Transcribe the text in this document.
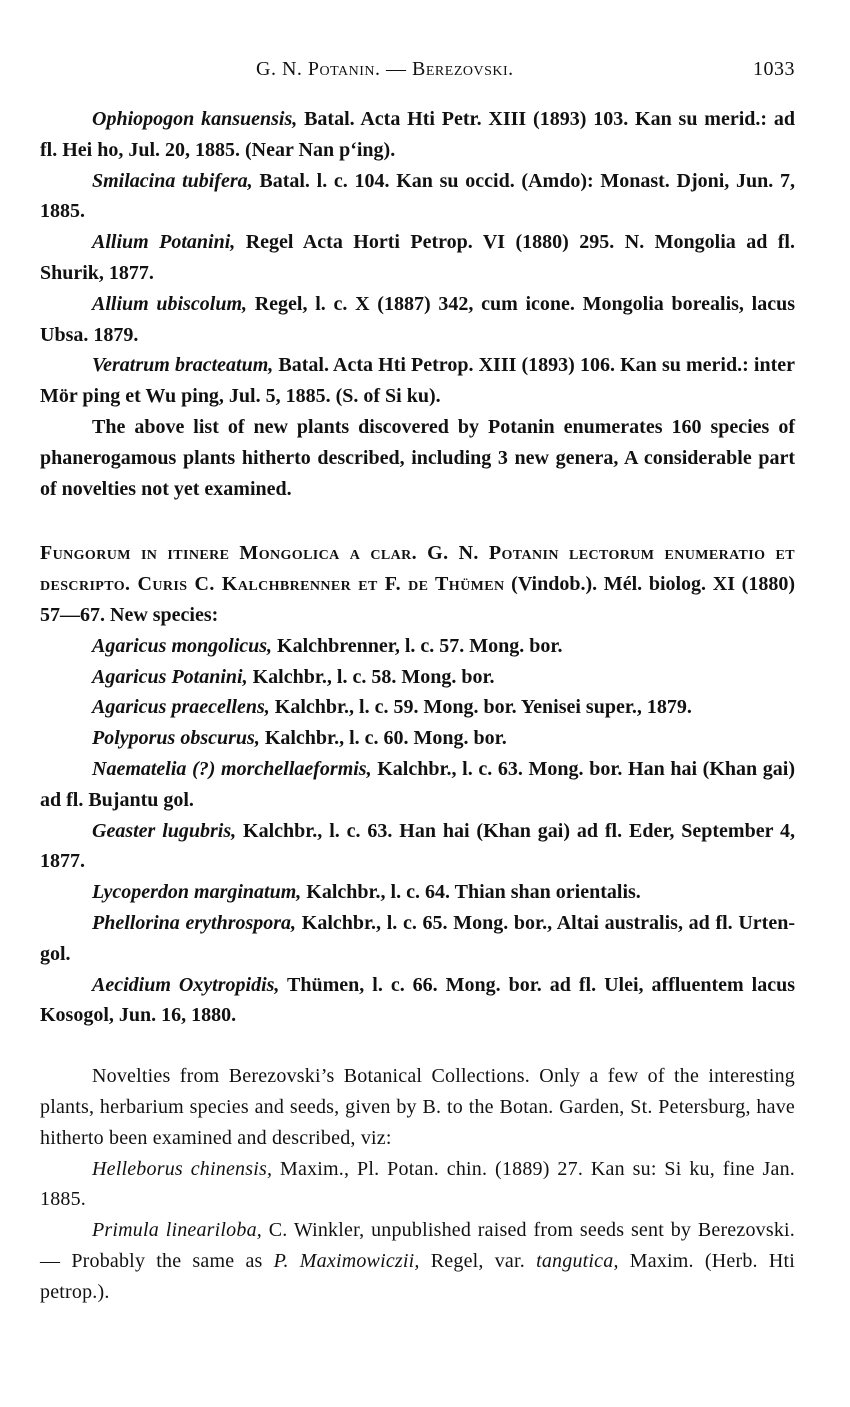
G. N. Potanin. — Berezovski.	1033

Ophiopogon kansuensis, Batal. Acta Hti Petr. XIII (1893) 103. Kan su merid.: ad fl. Hei ho, Jul. 20, 1885. (Near Nan p‘ing).

Smilacina tubifera, Batal. l. c. 104. Kan su occid. (Amdo): Monast. Djoni, Jun. 7, 1885.

Allium Potanini, Regel Acta Horti Petrop. VI (1880) 295. N. Mongolia ad fl. Shurik, 1877.

Allium ubiscolum, Regel, l. c. X (1887) 342, cum icone. Mongolia borealis, lacus Ubsa. 1879.

Veratrum bracteatum, Batal. Acta Hti Petrop. XIII (1893) 106. Kan su merid.: inter Mör ping et Wu ping, Jul. 5, 1885. (S. of Si ku).

The above list of new plants discovered by Potanin enumerates 160 species of phanerogamous plants hitherto described, including 3 new genera, A considerable part of novelties not yet examined.

Fungorum in itinere Mongolica a clar. G. N. Potanin lectorum enumeratio et descripto. Curis C. Kalchbrenner et F. de Thümen (Vindob.). Mél. biolog. XI (1880) 57—67. New species:

Agaricus mongolicus, Kalchbrenner, l. c. 57. Mong. bor.

Agaricus Potanini, Kalchbr., l. c. 58. Mong. bor.

Agaricus praecellens, Kalchbr., l. c. 59. Mong. bor. Yenisei super., 1879.

Polyporus obscurus, Kalchbr., l. c. 60. Mong. bor.

Naematelia (?) morchellaeformis, Kalchbr., l. c. 63. Mong. bor. Han hai (Khan gai) ad fl. Bujantu gol.

Geaster lugubris, Kalchbr., l. c. 63. Han hai (Khan gai) ad fl. Eder, September 4, 1877.

Lycoperdon marginatum, Kalchbr., l. c. 64. Thian shan orientalis.

Phellorina erythrospora, Kalchbr., l. c. 65. Mong. bor., Altai australis, ad fl. Urten-gol.

Aecidium Oxytropidis, Thümen, l. c. 66. Mong. bor. ad fl. Ulei, affluentem lacus Kosogol, Jun. 16, 1880.

Novelties from Berezovski’s Botanical Collections. Only a few of the interesting plants, herbarium species and seeds, given by B. to the Botan. Garden, St. Petersburg, have hitherto been examined and described, viz:

Helleborus chinensis, Maxim., Pl. Potan. chin. (1889) 27. Kan su: Si ku, fine Jan. 1885.

Primula lineariloba, C. Winkler, unpublished raised from seeds sent by Berezovski. — Probably the same as P. Maximowiczii, Regel, var. tangutica, Maxim. (Herb. Hti petrop.).
